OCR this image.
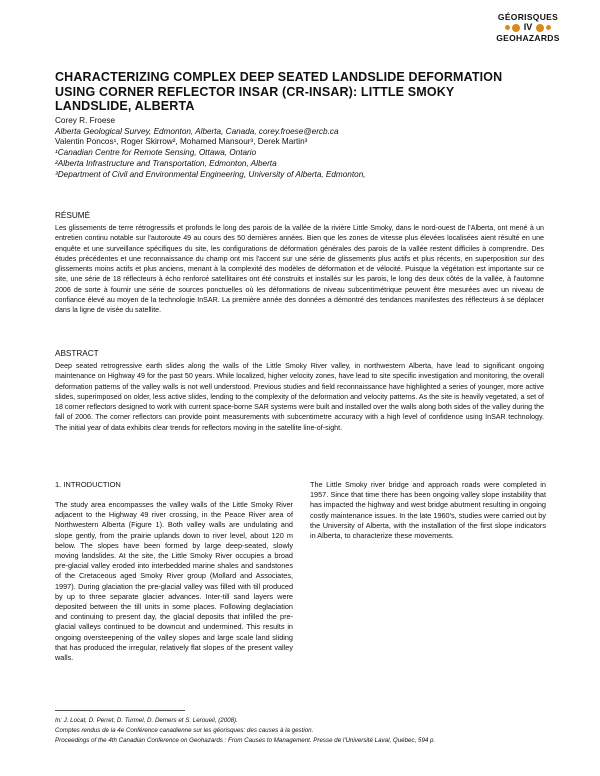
GÉORISQUES
IV
GEOHAZARDS
CHARACTERIZING COMPLEX DEEP SEATED LANDSLIDE DEFORMATION
USING CORNER REFLECTOR INSAR (CR-INSAR): LITTLE SMOKY
LANDSLIDE, ALBERTA
Corey R. Froese
Alberta Geological Survey, Edmonton, Alberta, Canada, corey.froese@ercb.ca
Valentin Poncos¹, Roger Skirrow², Mohamed Mansour³, Derek Martin³
¹Canadian Centre for Remote Sensing, Ottawa, Ontario
²Alberta Infrastructure and Transportation, Edmonton, Alberta
³Department of Civil and Environmental Engineering, University of Alberta, Edmonton,
RÉSUMÉ
Les glissements de terre rétrogressifs et profonds le long des parois de la vallée de la rivière Little Smoky, dans le nord-ouest de l'Alberta, ont mené à un entretien continu notable sur l'autoroute 49 au cours des 50 dernières années. Bien que les zones de vitesse plus élevées localisées aient résulté en une enquête et une surveillance spécifiques du site, les configurations de déformation générales des parois de la vallée restent difficiles à comprendre. Des études précédentes et une reconnaissance du champ ont mis l'accent sur une série de glissements plus actifs et plus récents, en superposition sur des glissements moins actifs et plus anciens, menant à la complexité des modèles de déformation et de vélocité. Puisque la végétation est importante sur ce site, une série de 18 réflecteurs à écho renforcé satellitaires ont été construits et installés sur les parois, le long des deux côtés de la vallée, à l'automne 2006 de sorte à fournir une série de sources ponctuelles où les déformations de niveau subcentimétrique peuvent être mesurées avec un niveau de confiance élevé au moyen de la technologie InSAR. La première année des données a démontré des tendances manifestes des réflecteurs à se déplacer dans la ligne de visée du satellite.
ABSTRACT
Deep seated retrogressive earth slides along the walls of the Little Smoky River valley, in northwestern Alberta, have lead to significant ongoing maintenance on Highway 49 for the past 50 years. While localized, higher velocity zones, have lead to site specific investigation and monitoring, the overall deformation patterns of the valley walls is not well understood. Previous studies and field reconnaissance have highlighted a series of younger, more active slides, superimposed on older, less active slides, lending to the complexity of the deformation and velocity patterns. As the site is heavily vegetated, a set of 18 corner reflectors designed to work with current space-borne SAR systems were built and installed over the walls along both sides of the valley during the fall of 2006. The corner reflectors can provide point measurements with subcentimetre accuracy with a high level of confidence using InSAR technology. The initial year of data exhibits clear trends for reflectors moving in the satellite line-of-sight.
1. INTRODUCTION
The study area encompasses the valley walls of the Little Smoky River adjacent to the Highway 49 river crossing, in the Peace River area of Northwestern Alberta (Figure 1). Both valley walls are undulating and slope gently, from the prairie uplands down to river level, about 120 m below. The slopes have been formed by large deep-seated, slowly moving landslides. At the site, the Little Smoky River occupies a broad pre-glacial valley eroded into interbedded marine shales and sandstones of the Cretaceous aged Smoky River group (Mollard and Associates, 1997). During glaciation the pre-glacial valley was filled with till produced by up to three separate glacier advances. Inter-till sand layers were deposited between the till units in some places. Following deglaciation and continuing to present day, the glacial deposits that infilled the pre-glacial valleys continued to be downcut and undermined. This results in ongoing oversteepening of the valley slopes and large scale land sliding that has produced the irregular, relatively flat slopes of the present valley walls.
The Little Smoky river bridge and approach roads were completed in 1957. Since that time there has been ongoing valley slope instability that has impacted the highway and west bridge abutment resulting in ongoing costly maintenance issues. In the late 1960's, studies were carried out by the University of Alberta, with the installation of the first slope indicators in Alberta, to characterize these movements.
In: J. Locat, D. Perret, D. Turmel, D. Demers et S. Leroueil, (2008).
Comptes rendus de la 4e Conférence canadienne sur les géorisques: des causes à la gestion.
Proceedings of the 4th Canadian Conference on Geohazards : From Causes to Management. Presse de l'Université Laval, Québec, 594 p.
